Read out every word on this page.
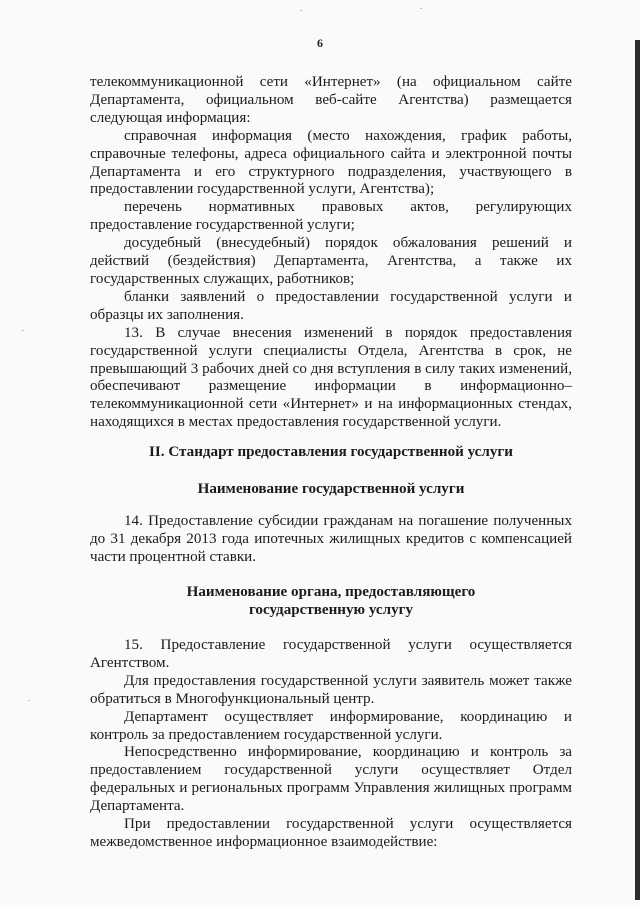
6

телекоммуникационной сети «Интернет» (на официальном сайте Департамента, официальном веб-сайте Агентства) размещается следующая информация:

справочная информация (место нахождения, график работы, справочные телефоны, адреса официального сайта и электронной почты Департамента и его структурного подразделения, участвующего в предоставлении государственной услуги, Агентства);

перечень нормативных правовых актов, регулирующих предоставление государственной услуги;

досудебный (внесудебный) порядок обжалования решений и действий (бездействия) Департамента, Агентства, а также их государственных служащих, работников;

бланки заявлений о предоставлении государственной услуги и образцы их заполнения.

13. В случае внесения изменений в порядок предоставления государственной услуги специалисты Отдела, Агентства в срок, не превышающий 3 рабочих дней со дня вступления в силу таких изменений, обеспечивают размещение информации в информационно–телекоммуникационной сети «Интернет» и на информационных стендах, находящихся в местах предоставления государственной услуги.

II. Стандарт предоставления государственной услуги
Наименование государственной услуги

14. Предоставление субсидии гражданам на погашение полученных до 31 декабря 2013 года ипотечных жилищных кредитов с компенсацией части процентной ставки.

Наименование органа, предоставляющего
государственную услугу

15. Предоставление государственной услуги осуществляется Агентством.

Для предоставления государственной услуги заявитель может также обратиться в Многофункциональный центр.

Департамент осуществляет информирование, координацию и контроль за предоставлением государственной услуги.

Непосредственно информирование, координацию и контроль за предоставлением государственной услуги осуществляет Отдел федеральных и региональных программ Управления жилищных программ Департамента.

При предоставлении государственной услуги осуществляется межведомственное информационное взаимодействие:
